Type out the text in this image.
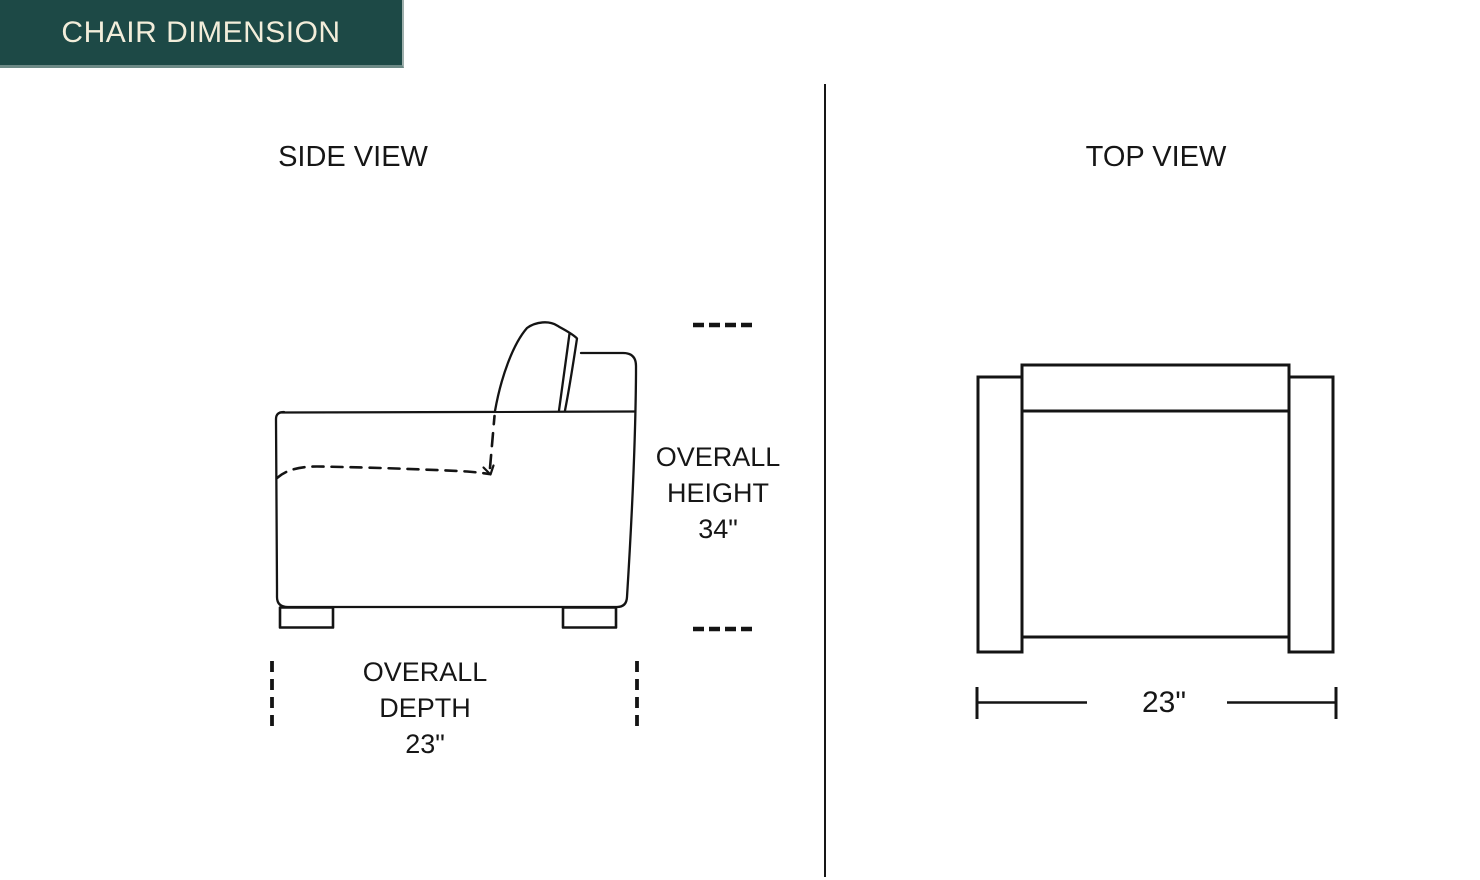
CHAIR DIMENSION
SIDE VIEW
OVERALL
HEIGHT
34"
OVERALL
DEPTH
23"
TOP VIEW
23"
